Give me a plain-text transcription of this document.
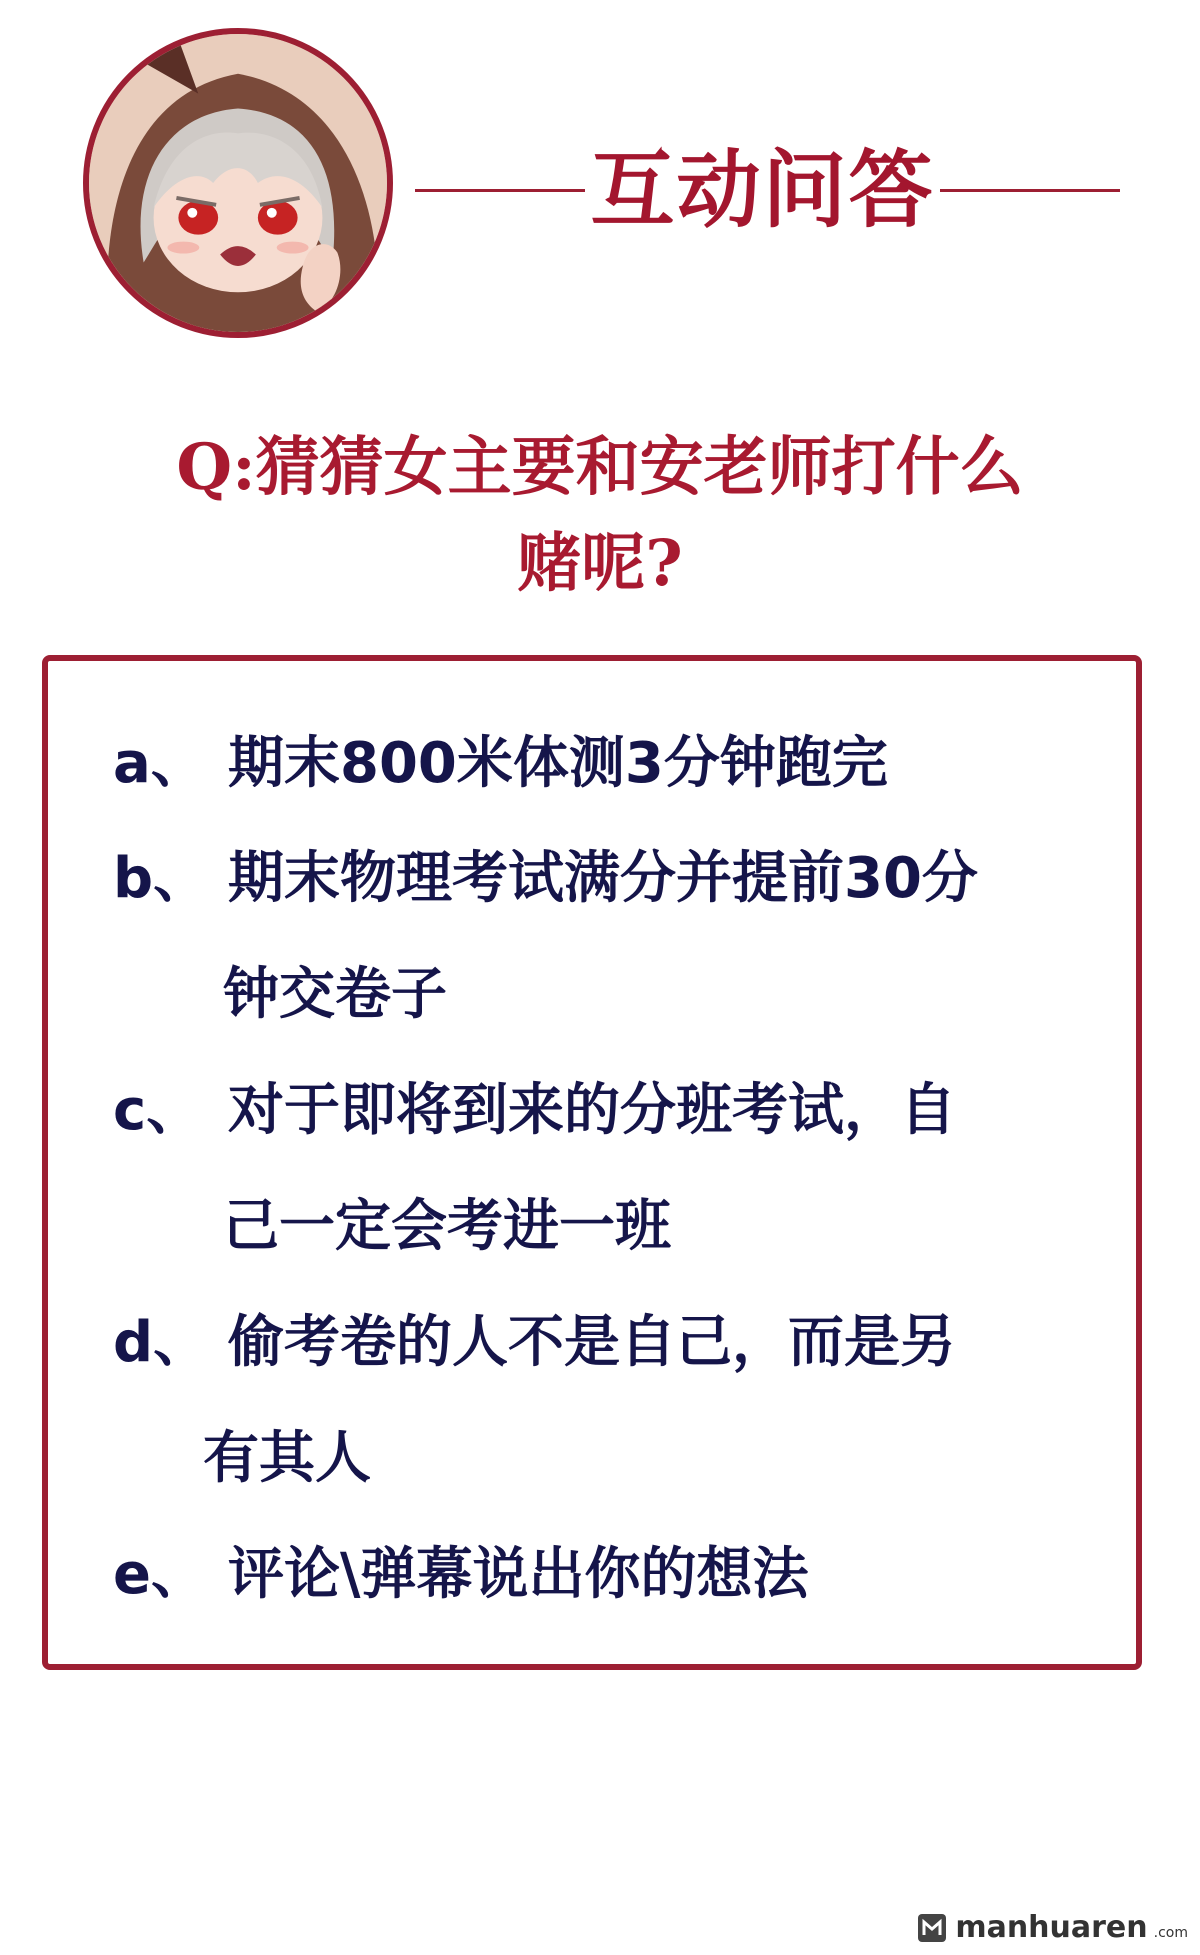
互动问答
Q:猜猜女主要和安老师打什么
赌呢?
a、 期末800米体测3分钟跑完
b、 期末物理考试满分并提前30分
钟交卷子
c、 对于即将到来的分班考试，自
己一定会考进一班
d、 偷考卷的人不是自己，而是另
有其人
e、 评论\弹幕说出你的想法
manhuaren .com
